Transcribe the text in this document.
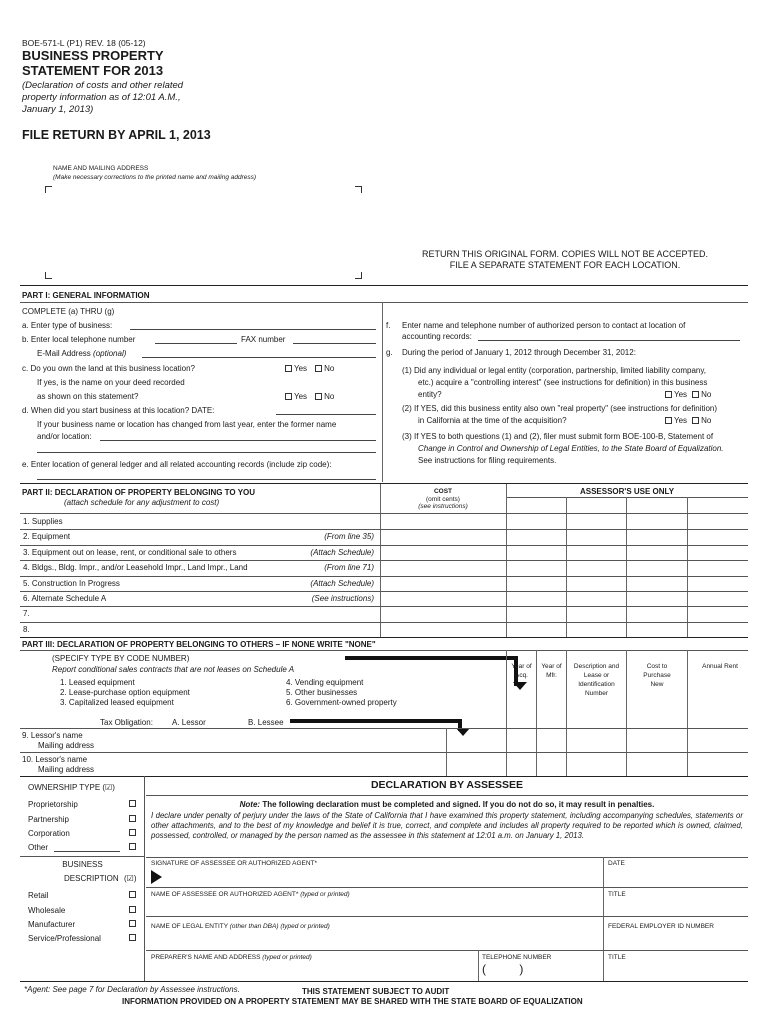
BOE-571-L (P1) REV. 18 (05-12)
BUSINESS PROPERTY
STATEMENT FOR 2013
(Declaration of costs and other related
property information as of 12:01 A.M.,
January 1, 2013)
FILE RETURN BY APRIL 1, 2013
NAME AND MAILING ADDRESS
(Make necessary corrections to the printed name and mailing address)
RETURN THIS ORIGINAL FORM. COPIES WILL NOT BE ACCEPTED.
FILE A SEPARATE STATEMENT FOR EACH LOCATION.
PART I: GENERAL INFORMATION
COMPLETE (a) THRU (g)
a. Enter type of business:
b. Enter local telephone number	FAX number
E-Mail Address (optional)
c. Do you own the land at this business location?	Yes No
If yes, is the name on your deed recorded
as shown on this statement?	Yes No
d. When did you start business at this location? DATE:
If your business name or location has changed from last year, enter the former name
and/or location:
e. Enter location of general ledger and all related accounting records (include zip code):
f. Enter name and telephone number of authorized person to contact at location of
accounting records:
g. During the period of January 1, 2012 through December 31, 2012:
(1) Did any individual or legal entity (corporation, partnership, limited liability company,
etc.) acquire a "controlling interest" (see instructions for definition) in this business
entity?	Yes No
(2) If YES, did this business entity also own "real property" (see instructions for definition)
in California at the time of the acquisition?	Yes No
(3) If YES to both questions (1) and (2), filer must submit form BOE-100-B, Statement of
Change in Control and Ownership of Legal Entities, to the State Board of Equalization.
See instructions for filing requirements.
PART II: DECLARATION OF PROPERTY BELONGING TO YOU
(attach schedule for any adjustment to cost)
COST
(omit cents)
(see instructions)
ASSESSOR'S USE ONLY
1. Supplies
2. Equipment	(From line 35)
3. Equipment out on lease, rent, or conditional sale to others	(Attach Schedule)
4. Bldgs., Bldg. Impr., and/or Leasehold Impr., Land Impr., Land	(From line 71)
5. Construction In Progress	(Attach Schedule)
6. Alternate Schedule A	(See instructions)
7.
8.
PART III: DECLARATION OF PROPERTY BELONGING TO OTHERS – IF NONE WRITE "NONE"
(SPECIFY TYPE BY CODE NUMBER)
Report conditional sales contracts that are not leases on Schedule A
1. Leased equipment
2. Lease-purchase option equipment
3. Capitalized leased equipment
4. Vending equipment
5. Other businesses
6. Government-owned property
Year of Acq.
Year of Mfr.
Description and Lease or Identification Number
Cost to Purchase New
Annual Rent
Tax Obligation: A. Lessor	B. Lessee
9. Lessor's name
Mailing address
10. Lessor's name
Mailing address
OWNERSHIP TYPE (☑)
Proprietorship
Partnership
Corporation
Other
BUSINESS
DESCRIPTION (☑)
Retail
Wholesale
Manufacturer
Service/Professional
DECLARATION BY ASSESSEE
Note: The following declaration must be completed and signed. If you do not do so, it may result in penalties.
I declare under penalty of perjury under the laws of the State of California that I have examined this property statement, including accompanying schedules, statements or other attachments, and to the best of my knowledge and belief it is true, correct, and complete and includes all property required to be reported which is owned, claimed, possessed, controlled, or managed by the person named as the assessee in this statement at 12:01 a.m. on January 1, 2013.
SIGNATURE OF ASSESSEE OR AUTHORIZED AGENT*	DATE
NAME OF ASSESSEE OR AUTHORIZED AGENT* (typed or printed)	TITLE
NAME OF LEGAL ENTITY (other than DBA) (typed or printed)	FEDERAL EMPLOYER ID NUMBER
PREPARER'S NAME AND ADDRESS (typed or printed)	TELEPHONE NUMBER
(          )
TITLE
*Agent: See page 7 for Declaration by Assessee instructions.	THIS STATEMENT SUBJECT TO AUDIT
INFORMATION PROVIDED ON A PROPERTY STATEMENT MAY BE SHARED WITH THE STATE BOARD OF EQUALIZATION
